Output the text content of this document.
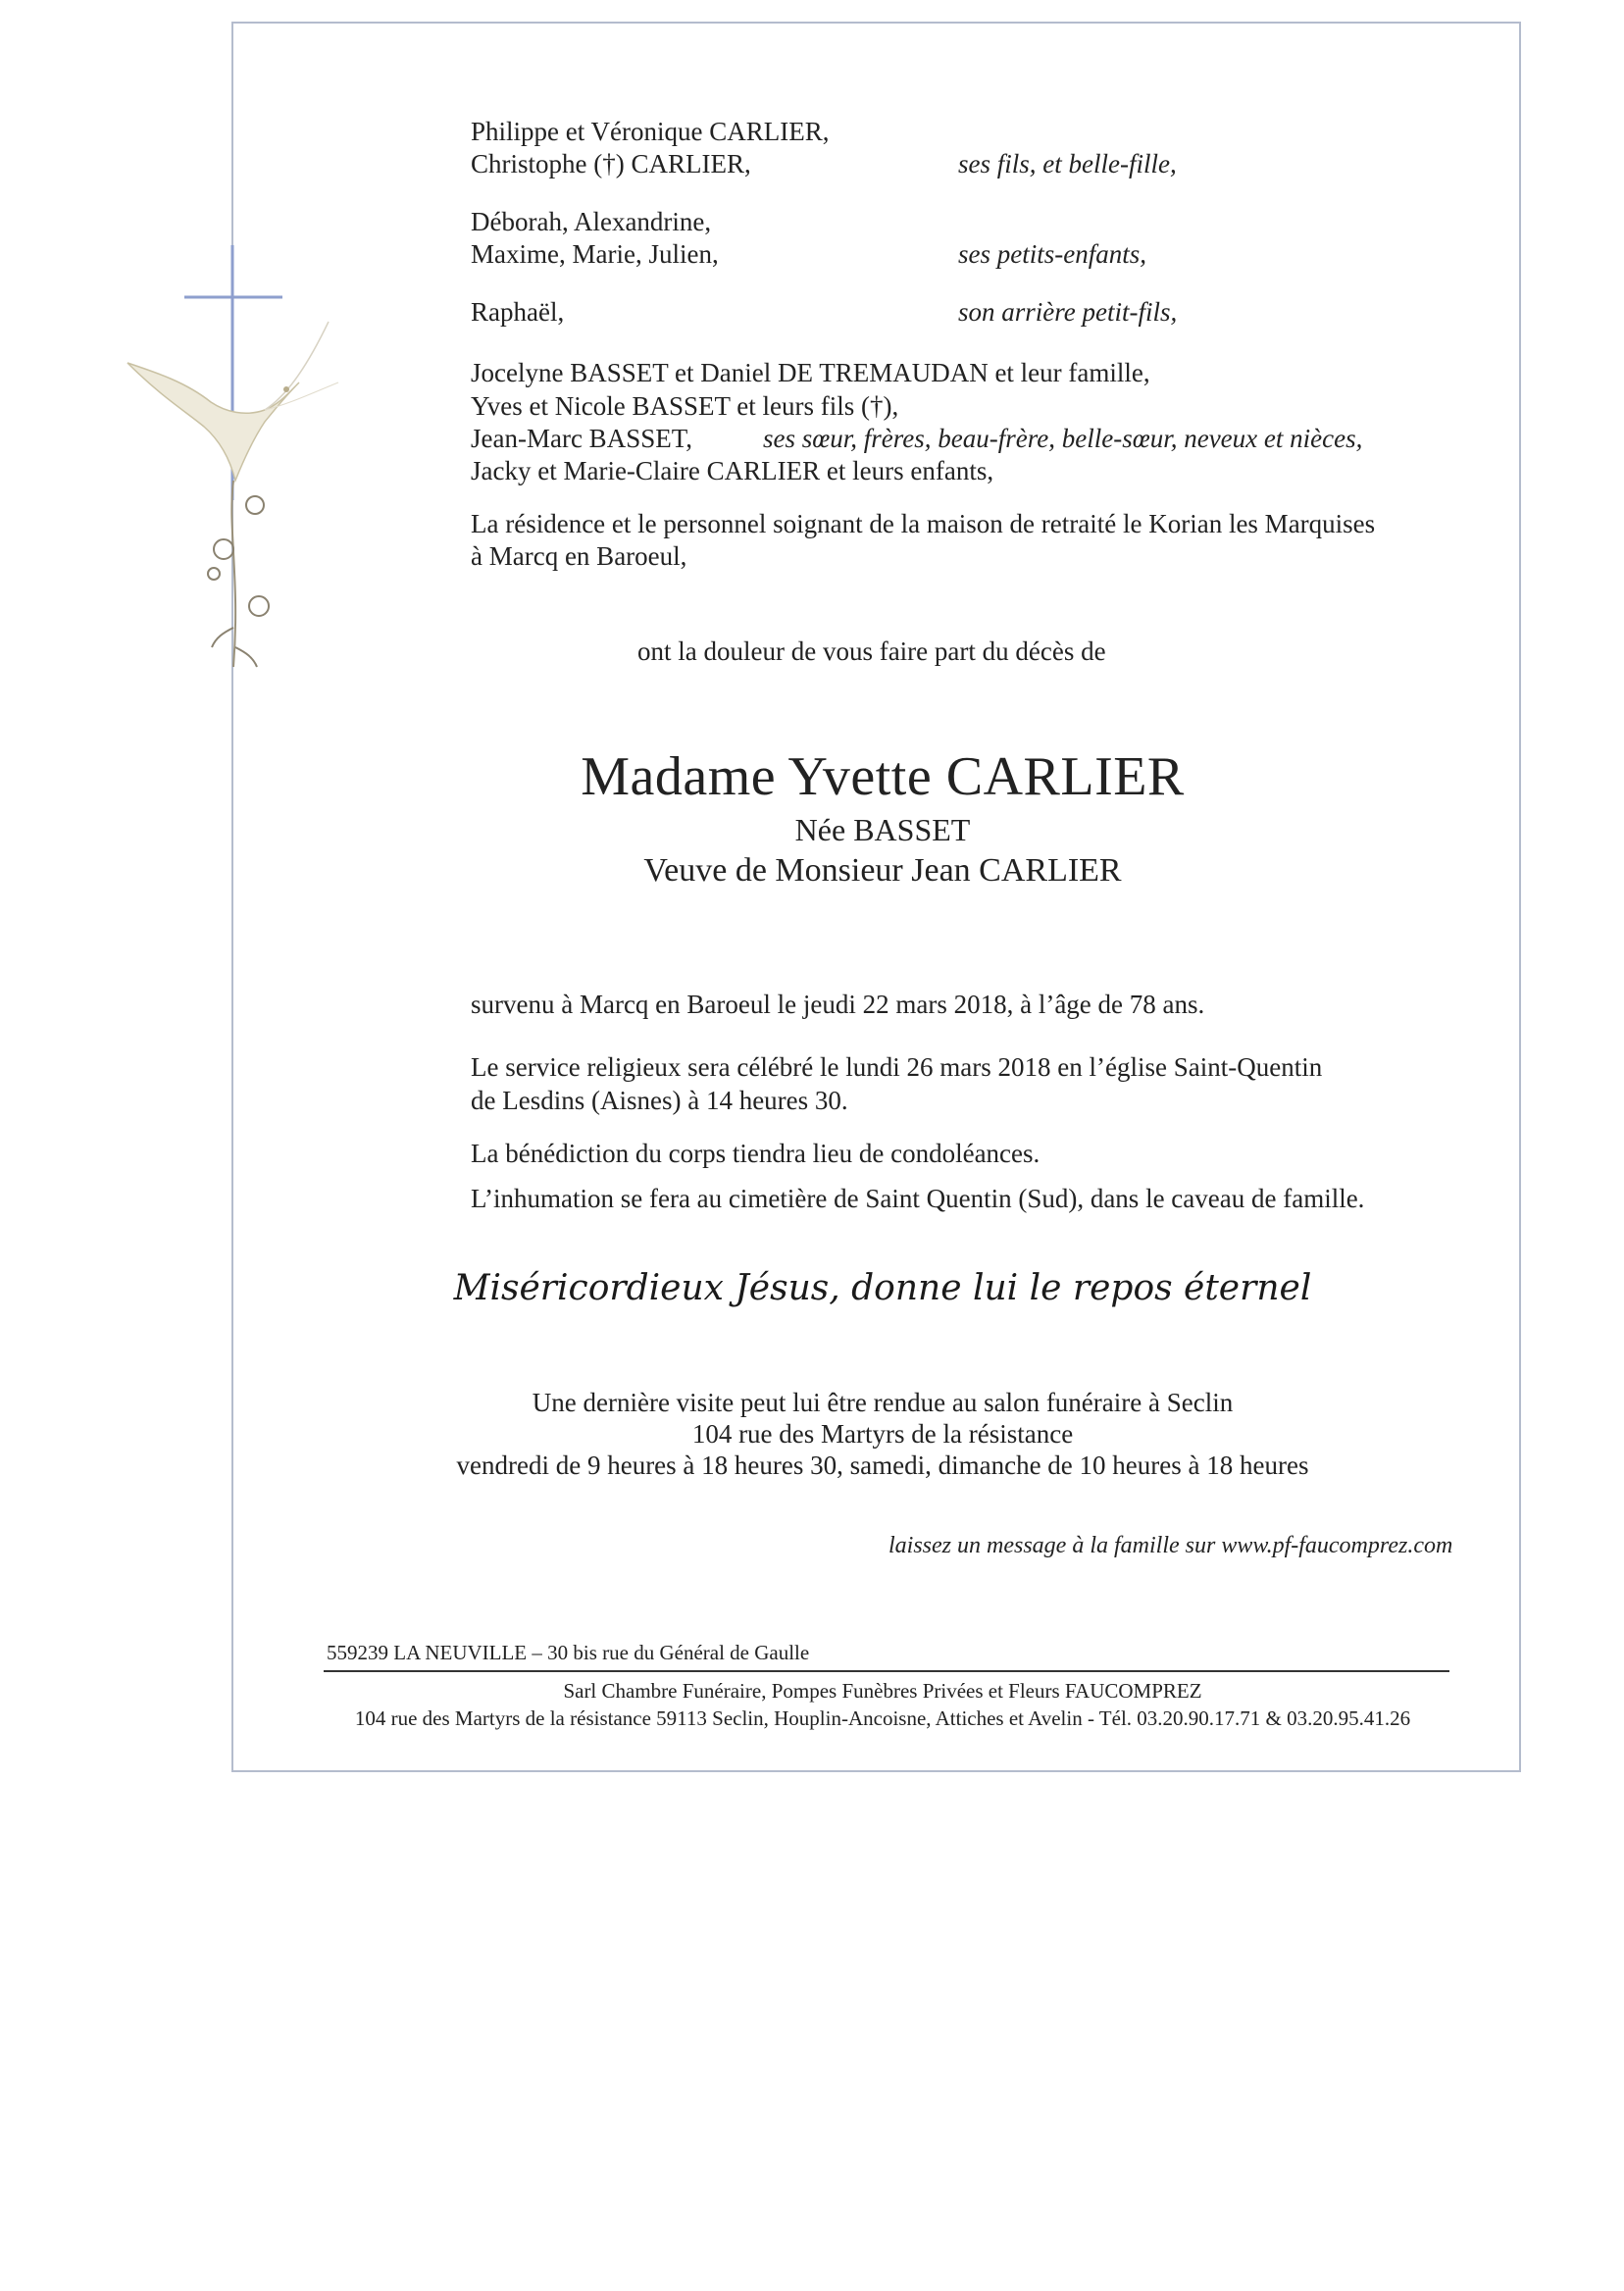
Philippe et Véronique CARLIER,
Christophe (†) CARLIER,	ses fils, et belle-fille,
Déborah, Alexandrine,
Maxime, Marie, Julien,	ses petits-enfants,
Raphaël,	son arrière petit-fils,
Jocelyne BASSET et Daniel DE TREMAUDAN et leur famille,
Yves et Nicole BASSET et leurs fils (†),
Jean-Marc BASSET,	ses sœur, frères, beau-frère, belle-sœur, neveux et nièces,
Jacky et Marie-Claire CARLIER et leurs enfants,
La résidence et le personnel soignant de la maison de retraité le Korian les Marquises
à Marcq en Baroeul,
ont la douleur de vous faire part du décès de
Madame Yvette CARLIER
Née BASSET
Veuve de Monsieur Jean CARLIER
survenu à Marcq en Baroeul le jeudi 22 mars 2018, à l’âge de 78 ans.
Le service religieux sera célébré le lundi 26 mars 2018 en l’église Saint-Quentin
de Lesdins (Aisnes) à 14 heures 30.
La bénédiction du corps tiendra lieu de condoléances.
L’inhumation se fera au cimetière de Saint Quentin (Sud), dans le caveau de famille.
Miséricordieux Jésus, donne lui le repos éternel
Une dernière visite peut lui être rendue au salon funéraire à Seclin
104 rue des Martyrs de la résistance
vendredi de 9 heures à 18 heures 30, samedi, dimanche de 10 heures à 18 heures
laissez un message à la famille sur www.pf-faucomprez.com
559239 LA NEUVILLE – 30 bis rue du Général de Gaulle
Sarl Chambre Funéraire, Pompes Funèbres Privées et Fleurs FAUCOMPREZ
104 rue des Martyrs de la résistance 59113 Seclin, Houplin-Ancoisne, Attiches et Avelin - Tél. 03.20.90.17.71 & 03.20.95.41.26
